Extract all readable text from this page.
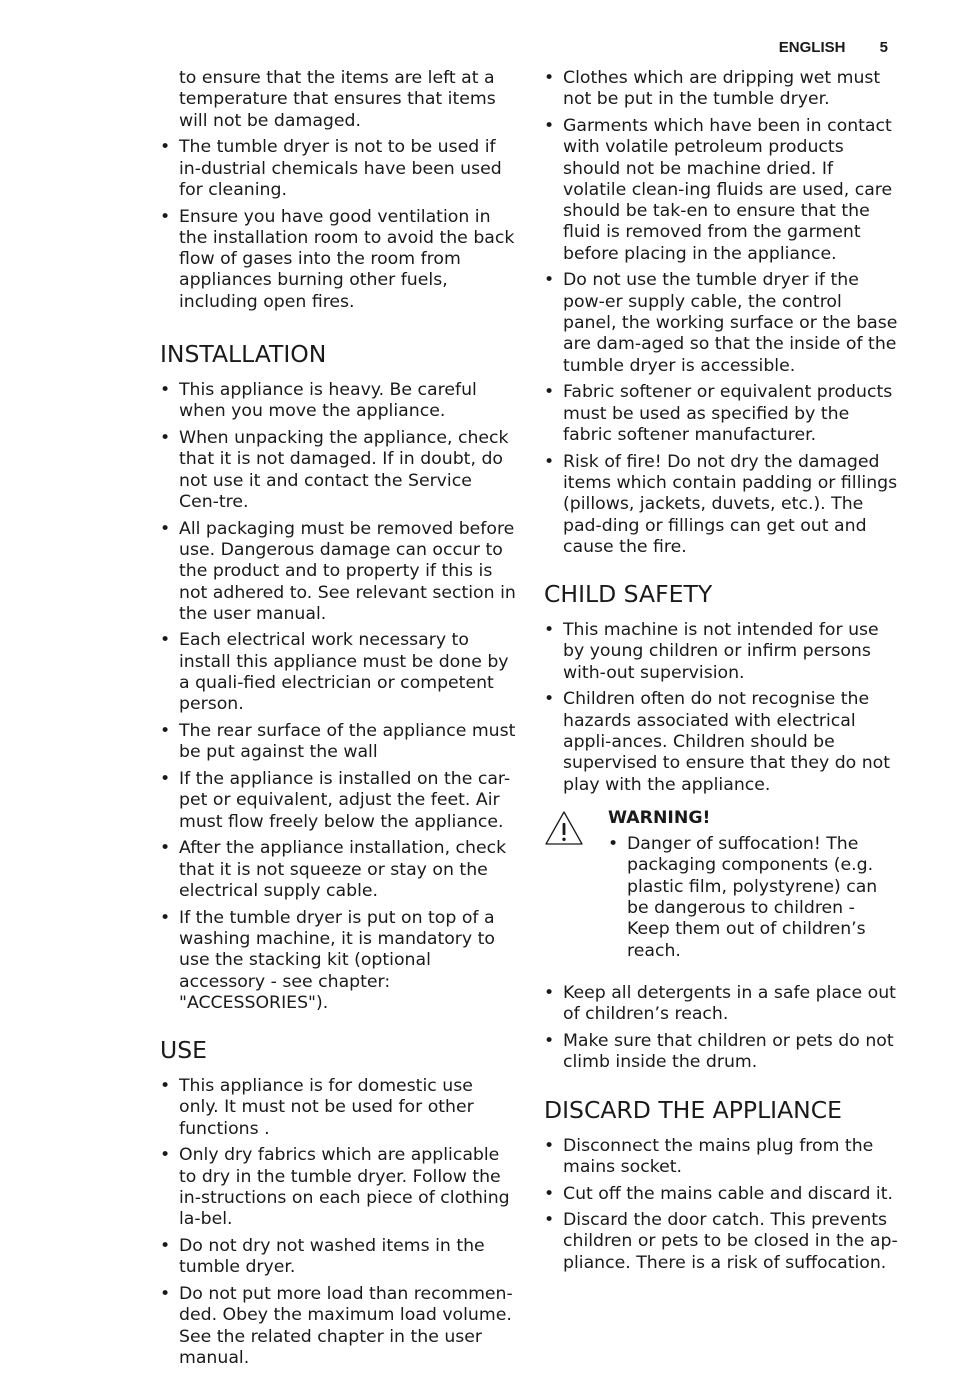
ENGLISH 5

to ensure that the items are left at a temperature that ensures that items will not be damaged.

• The tumble dryer is not to be used if in-dustrial chemicals have been used for cleaning.

• Ensure you have good ventilation in the installation room to avoid the back flow of gases into the room from appliances burning other fuels, including open fires.

INSTALLATION

• This appliance is heavy. Be careful when you move the appliance.

• When unpacking the appliance, check that it is not damaged. If in doubt, do not use it and contact the Service Cen-tre.

• All packaging must be removed before use. Dangerous damage can occur to the product and to property if this is not adhered to. See relevant section in the user manual.

• Each electrical work necessary to install this appliance must be done by a quali-fied electrician or competent person.

• The rear surface of the appliance must be put against the wall

• If the appliance is installed on the car-pet or equivalent, adjust the feet. Air must flow freely below the appliance.

• After the appliance installation, check that it is not squeeze or stay on the electrical supply cable.

• If the tumble dryer is put on top of a washing machine, it is mandatory to use the stacking kit (optional accessory - see chapter: "ACCESSORIES").

USE

• This appliance is for domestic use only. It must not be used for other functions .

• Only dry fabrics which are applicable to dry in the tumble dryer. Follow the in-structions on each piece of clothing la-bel.

• Do not dry not washed items in the tumble dryer.

• Do not put more load than recommen-ded. Obey the maximum load volume. See the related chapter in the user manual.

• Clothes which are dripping wet must not be put in the tumble dryer.

• Garments which have been in contact with volatile petroleum products should not be machine dried. If volatile clean-ing fluids are used, care should be tak-en to ensure that the fluid is removed from the garment before placing in the appliance.

• Do not use the tumble dryer if the pow-er supply cable, the control panel, the working surface or the base are dam-aged so that the inside of the tumble dryer is accessible.

• Fabric softener or equivalent products must be used as specified by the fabric softener manufacturer.

• Risk of fire! Do not dry the damaged items which contain padding or fillings (pillows, jackets, duvets, etc.). The pad-ding or fillings can get out and cause the fire.

CHILD SAFETY

• This machine is not intended for use by young children or infirm persons with-out supervision.

• Children often do not recognise the hazards associated with electrical appli-ances. Children should be supervised to ensure that they do not play with the appliance.

WARNING!

• Danger of suffocation! The packaging components (e.g. plastic film, polystyrene) can be dangerous to children - Keep them out of children’s reach.

• Keep all detergents in a safe place out of children’s reach.

• Make sure that children or pets do not climb inside the drum.

DISCARD THE APPLIANCE

• Disconnect the mains plug from the mains socket.

• Cut off the mains cable and discard it.

• Discard the door catch. This prevents children or pets to be closed in the ap-pliance. There is a risk of suffocation.
